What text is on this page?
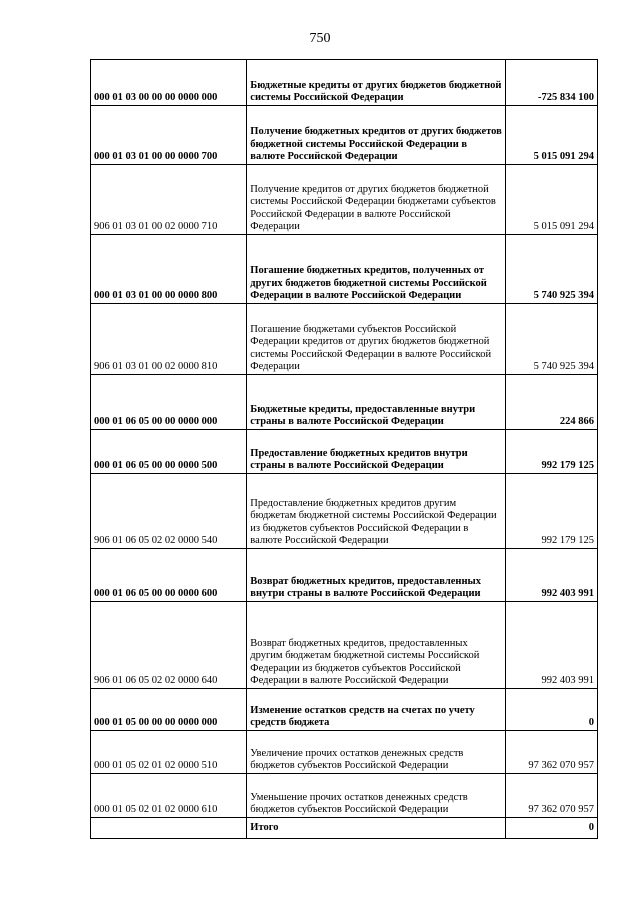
750
000 01 03 00 00 00 0000 000	Бюджетные кредиты от других бюджетов бюджетной системы Российской Федерации	-725 834 100
000 01 03 01 00 00 0000 700	Получение бюджетных кредитов от других бюджетов бюджетной системы Российской Федерации в валюте Российской Федерации	5 015 091 294
906 01 03 01 00 02 0000 710	Получение кредитов от других бюджетов бюджетной системы Российской Федерации бюджетами субъектов Российской Федерации в валюте Российской Федерации	5 015 091 294
000 01 03 01 00 00 0000 800	Погашение бюджетных кредитов, полученных от других бюджетов бюджетной системы Российской Федерации в валюте Российской Федерации	5 740 925 394
906 01 03 01 00 02 0000 810	Погашение бюджетами субъектов Российской Федерации кредитов от других бюджетов бюджетной системы Российской Федерации в валюте Российской Федерации	5 740 925 394
000 01 06 05 00 00 0000 000	Бюджетные кредиты, предоставленные внутри страны в валюте Российской Федерации	224 866
000 01 06 05 00 00 0000 500	Предоставление бюджетных кредитов внутри страны в валюте Российской Федерации	992 179 125
906 01 06 05 02 02 0000 540	Предоставление бюджетных кредитов другим бюджетам бюджетной системы Российской Федерации из бюджетов субъектов Российской Федерации в валюте Российской Федерации	992 179 125
000 01 06 05 00 00 0000 600	Возврат бюджетных кредитов, предоставленных внутри страны в валюте Российской Федерации	992 403 991
906 01 06 05 02 02 0000 640	Возврат бюджетных кредитов, предоставленных другим бюджетам бюджетной системы Российской Федерации из бюджетов субъектов Российской Федерации в валюте Российской Федерации	992 403 991
000 01 05 00 00 00 0000 000	Изменение остатков средств на счетах по учету средств бюджета	0
000 01 05 02 01 02 0000 510	Увеличение прочих остатков денежных средств бюджетов субъектов Российской Федерации	97 362 070 957
000 01 05 02 01 02 0000 610	Уменьшение прочих остатков денежных средств бюджетов субъектов Российской Федерации	97 362 070 957
	Итого	0
